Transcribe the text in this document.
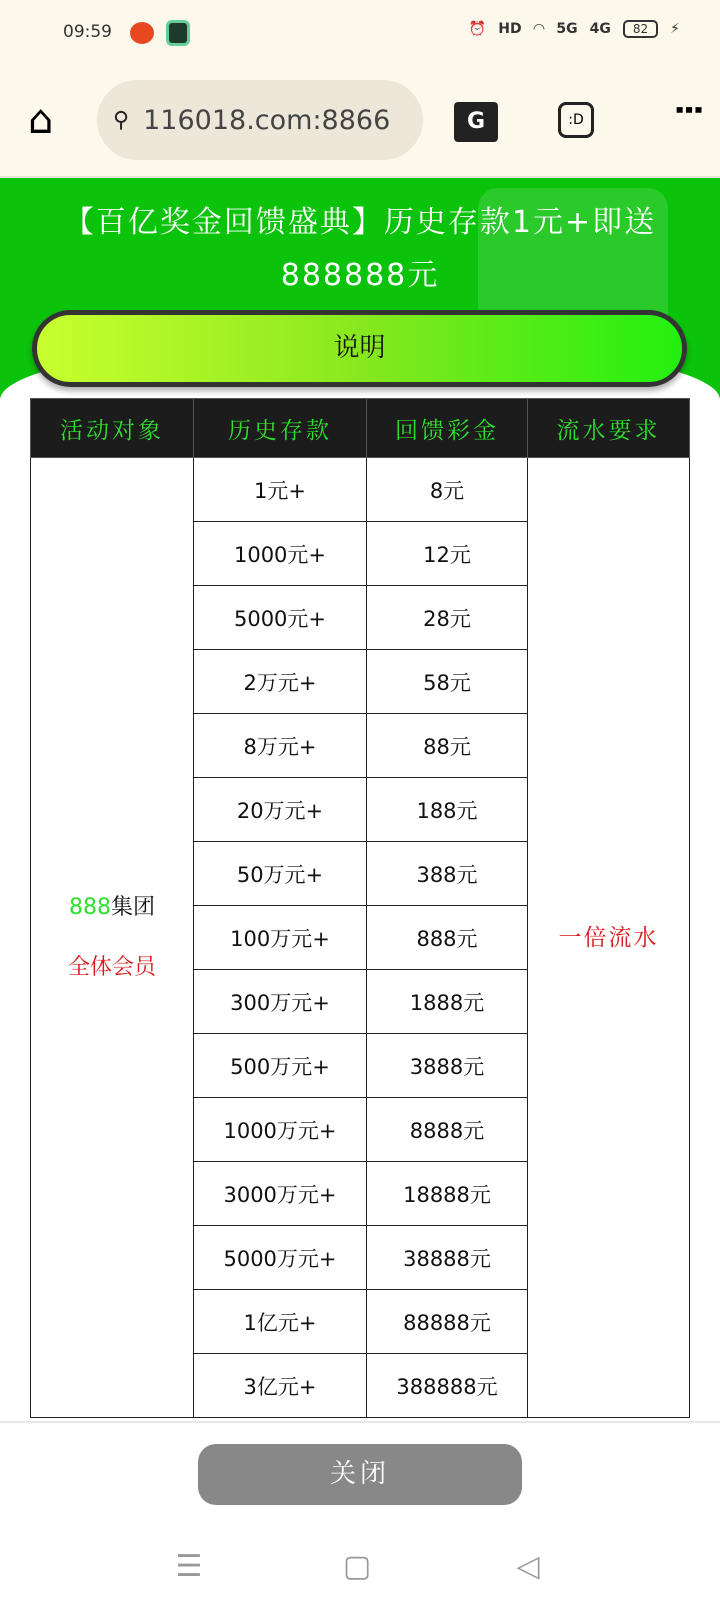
09:59	⏰ HD ◠ 5G 4G	82	⚡
⌂	⚲ 116018.com:8866	G	:D	⋮
【百亿奖金回馈盛典】历史存款1元+即送888888元
说明
活动对象	历史存款	回馈彩金	流水要求

888集团
全体会员	1元+	8元	一倍流水
	1000元+	12元	
	5000元+	28元	
	2万元+	58元	
	8万元+	88元	
	20万元+	188元	
	50万元+	388元	
	100万元+	888元	
	300万元+	1888元	
	500万元+	3888元	
	1000万元+	8888元	
	3000万元+	18888元	
	5000万元+	38888元	
	1亿元+	88888元	
	3亿元+	388888元	
关闭
☰	▢	◁
